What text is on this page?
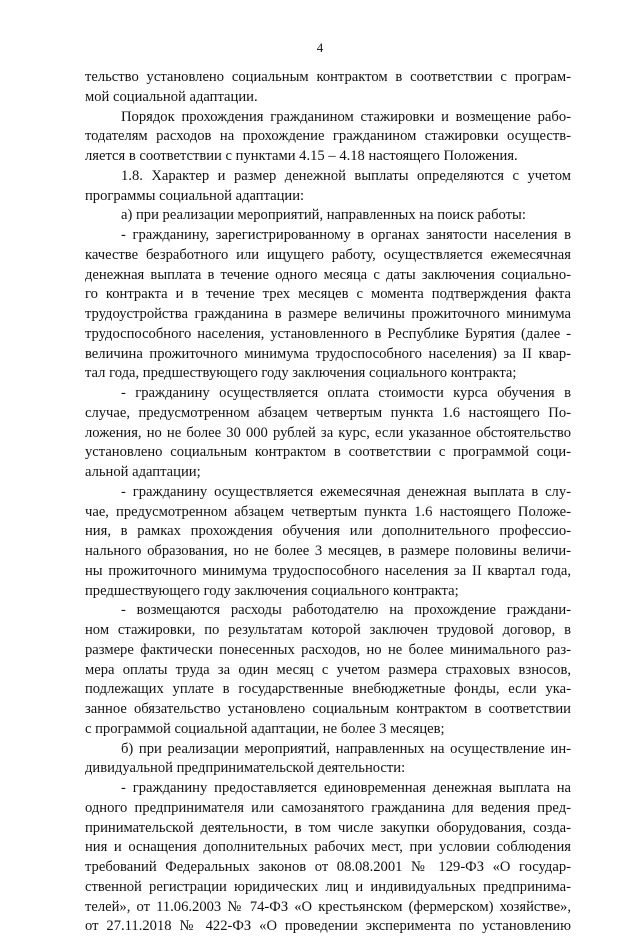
4
тельство установлено социальным контрактом в соответствии с програм-
мой социальной адаптации.
Порядок прохождения гражданином стажировки и возмещение рабо-
тодателям расходов на прохождение гражданином стажировки осуществ-
ляется в соответствии с пунктами 4.15 – 4.18 настоящего Положения.
1.8. Характер и размер денежной выплаты определяются с учетом
программы социальной адаптации:
а) при реализации мероприятий, направленных на поиск работы:
- гражданину, зарегистрированному в органах занятости населения в
качестве безработного или ищущего работу, осуществляется ежемесячная
денежная выплата в течение одного месяца с даты заключения социально-
го контракта и в течение трех месяцев с момента подтверждения факта
трудоустройства гражданина в размере величины прожиточного минимума
трудоспособного населения, установленного в Республике Бурятия (далее -
величина прожиточного минимума трудоспособного населения) за II квар-
тал года, предшествующего году заключения социального контракта;
- гражданину осуществляется оплата стоимости курса обучения в
случае, предусмотренном абзацем четвертым пункта 1.6 настоящего По-
ложения, но не более 30 000 рублей за курс, если указанное обстоятельство
установлено социальным контрактом в соответствии с программой соци-
альной адаптации;
- гражданину осуществляется ежемесячная денежная выплата в слу-
чае, предусмотренном абзацем четвертым пункта 1.6 настоящего Положе-
ния, в рамках прохождения обучения или дополнительного профессио-
нального образования, но не более 3 месяцев, в размере половины величи-
ны прожиточного минимума трудоспособного населения за II квартал года,
предшествующего году заключения социального контракта;
- возмещаются расходы работодателю на прохождение граждани-
ном стажировки, по результатам которой заключен трудовой договор, в
размере фактически понесенных расходов, но не более минимального раз-
мера оплаты труда за один месяц с учетом размера страховых взносов,
подлежащих уплате в государственные внебюджетные фонды, если ука-
занное обязательство установлено социальным контрактом в соответствии
с программой социальной адаптации, не более 3 месяцев;
б) при реализации мероприятий, направленных на осуществление ин-
дивидуальной предпринимательской деятельности:
- гражданину предоставляется единовременная денежная выплата на
одного предпринимателя или самозанятого гражданина для ведения пред-
принимательской деятельности, в том числе закупки оборудования, созда-
ния и оснащения дополнительных рабочих мест, при условии соблюдения
требований Федеральных законов от 08.08.2001 № 129-ФЗ «О государ-
ственной регистрации юридических лиц и индивидуальных предпринима-
телей», от 11.06.2003 № 74-ФЗ «О крестьянском (фермерском) хозяйстве»,
от 27.11.2018 № 422-ФЗ «О проведении эксперимента по установлению
